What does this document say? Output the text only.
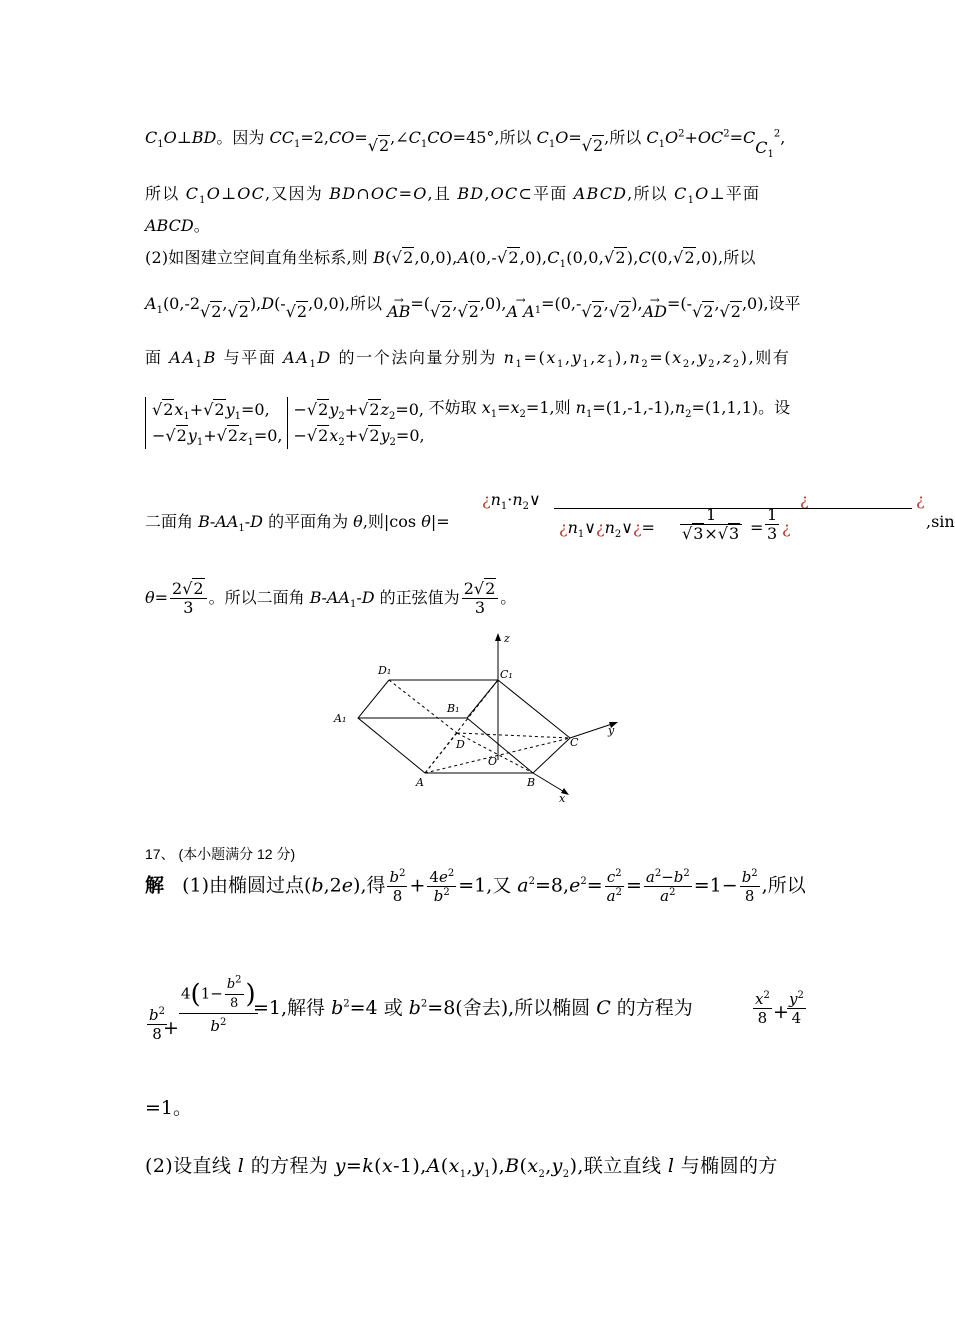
$C_1O\perp BD$。因为 $CC_1=2,CO=√2,\angle C_1CO=45^\circ$,所以 $C_1O=√2$,所以 $C_1O^2+OC^2=CC_1^2$,
所以 $C_1O\perp OC$,又因为 BD∩OC=O,且 BD,OC⊂平面 ABCD,所以 $C_1O\perp$平面
ABCD。
(2)如图建立空间直角坐标系,则 $B(√2,0,0),A(0,-√2,0),C_1(0,0,√2),C(0,√2,0)$,所以
$A_1(0,-2√2,√2),D(-√2,0,0)$,所以 → AB=(√2,√2,0),→ A $A_1=(0,-√2,√2),\to AD=(-√2,√2,0)$,设平
面 $AA_1B$ 与平面 $AA_1D$ 的一个法向量分别为 $n_1=(x_1,y_1,z_1),n_2=(x_2,y_2,z_2)$,则有
$√2x_1+√2y_1=0$,
$-√2y_1+√2z_1=0$,
$-√2y_2+√2z_2=0$,
$-√2x_2+√2y_2=0$,
不妨取 $x_1=x_2=1$,则 $n_1=(1,-1,-1),n_2=(1,1,1)$。设
二面角 $B-AA_1-D$ 的平面角为 θ,则|cos θ|=
¿$n_1\cdot n_2\vee$	¿
¿$n_1\vee¿n_2\vee¿= \frac{1}{√3\times√3} = \frac{1}{3}$ ¿
¿
,sin
$\theta= \frac{2√2}{3}$ 。所以二面角 $B-AA_1-D$ 的正弦值为 $\frac{2√2}{3}$ 。
z
y
x
D₁	C₁
A₁
B₁
D
O
C
A	B
17、 (本小题满分 12 分)
解   (1)由椭圆过点(b,2e),得 $\frac{b^2}{8} + \frac{4e^2}{b^2} =1$,又 $a^2=8,e^2= \frac{c^2}{a^2} = \frac{a^2-b^2}{a^2} =1- \frac{b^2}{8}$ ,所以
$\frac{b^2}{8}$
+ $\frac{4(1- \frac{b^2}{8} )}{b^2}$
=1,解得 $b^2=4$ 或 $b^2=8$(舍去),所以椭圆 C 的方程为	$\frac{x^2}{8}$ +
$\frac{y^2}{4}$
=1。
(2)设直线 l 的方程为 $y=k(x-1),A(x_1,y_1),B(x_2,y_2)$,联立直线 l 与椭圆的方
